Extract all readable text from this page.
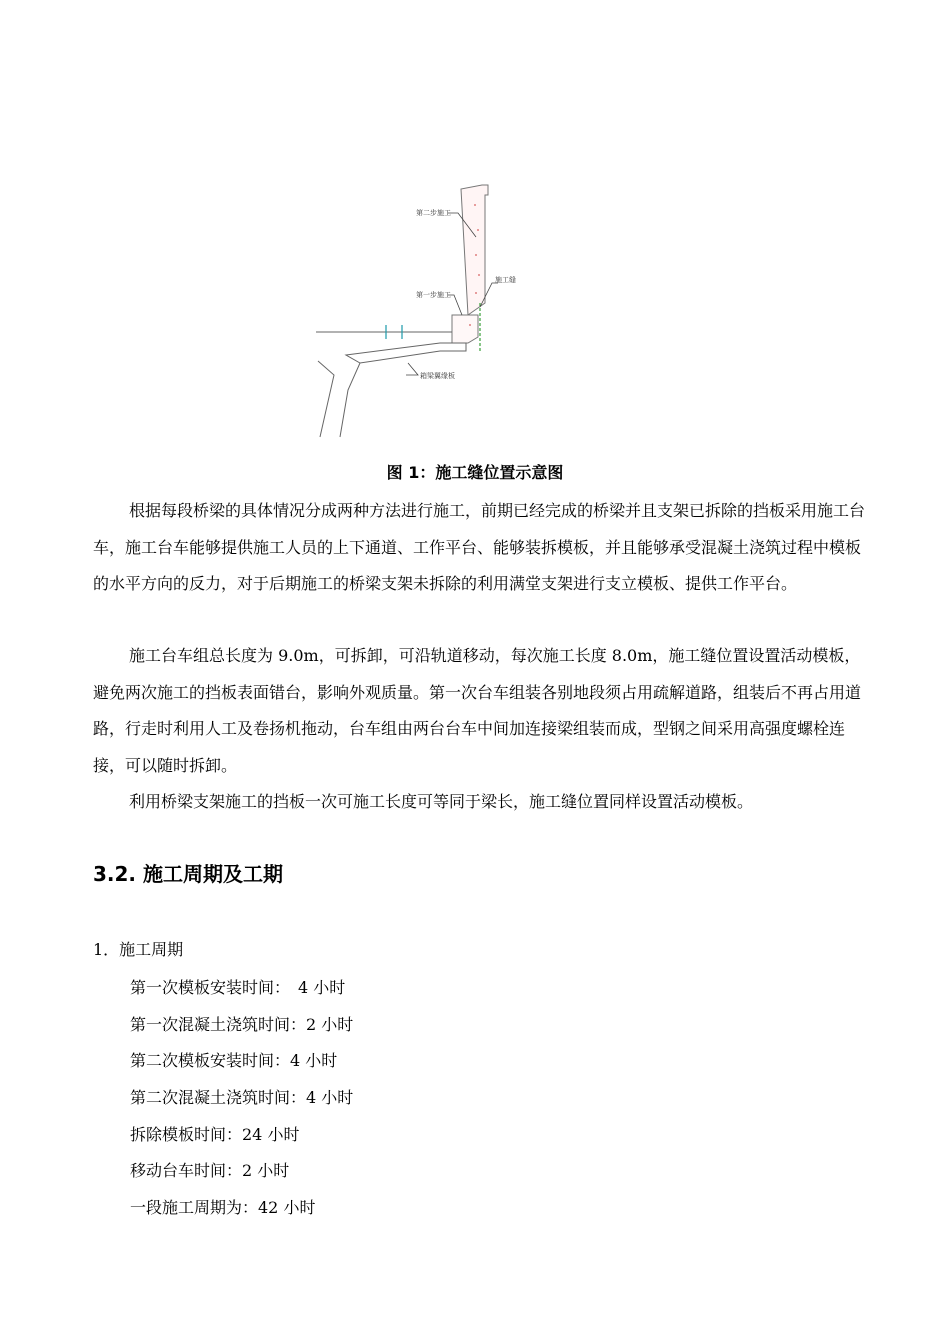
第二步施工
施工缝
第一步施工
箱梁翼缘板
图 1：施工缝位置示意图

根据每段桥梁的具体情况分成两种方法进行施工，前期已经完成的桥梁并且支架已拆除的挡板采用施工台车，施工台车能够提供施工人员的上下通道、工作平台、能够装拆模板，并且能够承受混凝土浇筑过程中模板的水平方向的反力，对于后期施工的桥梁支架未拆除的利用满堂支架进行支立模板、提供工作平台。

施工台车组总长度为 9.0m，可拆卸，可沿轨道移动，每次施工长度 8.0m，施工缝位置设置活动模板，避免两次施工的挡板表面错台，影响外观质量。第一次台车组装各别地段须占用疏解道路，组装后不再占用道路，行走时利用人工及卷扬机拖动，台车组由两台台车中间加连接梁组装而成，型钢之间采用高强度螺栓连接，可以随时拆卸。

利用桥梁支架施工的挡板一次可施工长度可等同于梁长，施工缝位置同样设置活动模板。

3.2. 施工周期及工期
1．施工周期
第一次模板安装时间：　4 小时
第一次混凝土浇筑时间：2 小时
第二次模板安装时间：4 小时
第二次混凝土浇筑时间：4 小时
拆除模板时间：24 小时
移动台车时间：2 小时
一段施工周期为：42 小时
